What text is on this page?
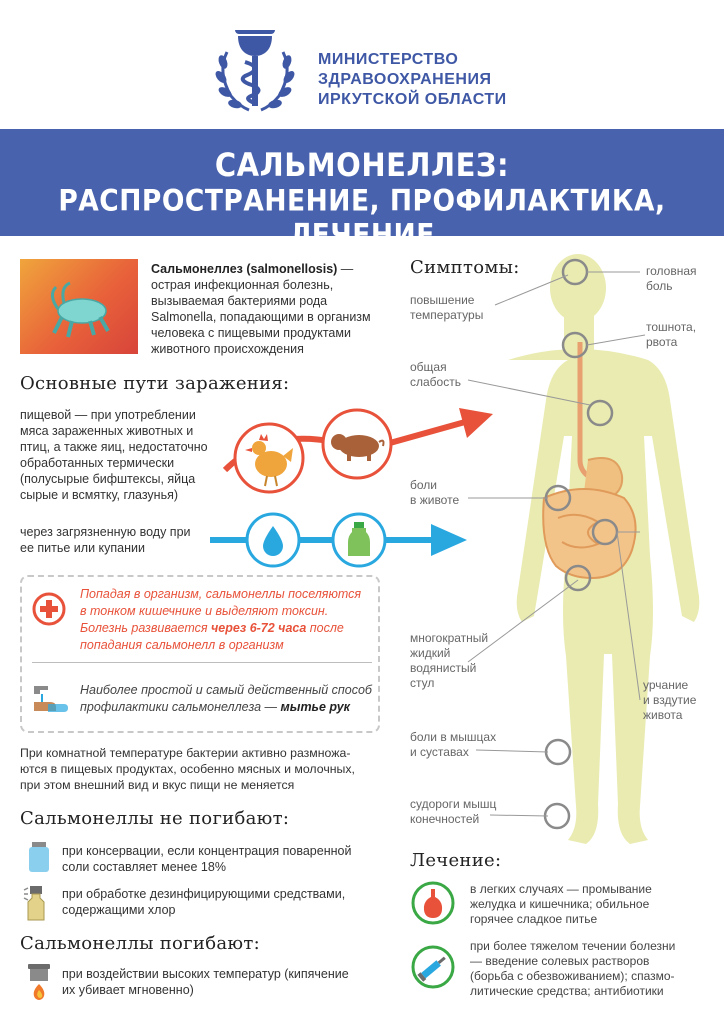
МИНИСТЕРСТВО
ЗДРАВООХРАНЕНИЯ
ИРКУТСКОЙ ОБЛАСТИ
САЛЬМОНЕЛЛЕЗ:
РАСПРОСТРАНЕНИЕ, ПРОФИЛАКТИКА, ЛЕЧЕНИЕ
Сальмонеллез (salmonellosis) —
острая инфекционная болезнь,
вызываемая бактериями рода
Salmonella, попадающими в организм
человека с пищевыми продуктами
животного происхождения
Основные пути заражения:
пищевой — при употреблении
мяса зараженных животных и
птиц, а также яиц, недостаточно
обработанных термически
(полусырые бифштексы, яйца
сырые и всмятку, глазунья)
через загрязненную воду при
ее питье или купании
Попадая в организм, сальмонеллы поселяются
в тонком кишечнике и выделяют токсин.
Болезнь развивается через 6-72 часа после
попадания сальмонелл в организм
Наиболее простой и самый действенный способ
профилактики сальмонеллеза — мытье рук
При комнатной температуре бактерии активно размножа-
ются в пищевых продуктах, особенно мясных и молочных,
при этом внешний вид и вкус пищи не меняется
Сальмонеллы не погибают:
при консервации, если концентрация поваренной
соли составляет менее 18%
при обработке дезинфицирующими средствами,
содержащими хлор
Сальмонеллы погибают:
при воздействии высоких температур (кипячение
их убивает мгновенно)
Симптомы:	головная
боль
повышение
температуры
тошнота,
рвота
общая
слабость
боли
в животе
многократный
жидкий
водянистый
стул	урчание
и вздутие
живота
боли в мышцах
и суставах
судороги мышц
конечностей
Лечение:
в легких случаях — промывание
желудка и кишечника; обильное
горячее сладкое питье
при более тяжелом течении болезни
— введение солевых растворов
(борьба с обезвоживанием); спазмо-
литические средства; антибиотики
